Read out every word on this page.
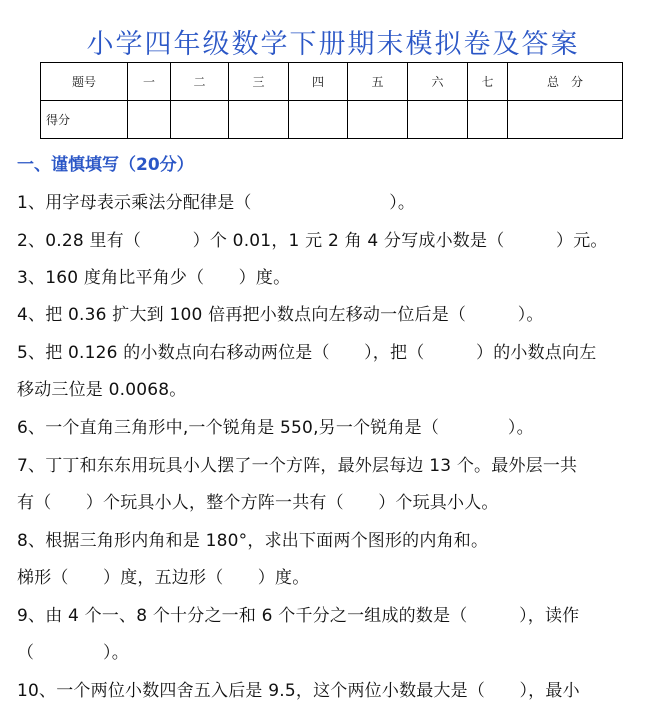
小学四年级数学下册期末模拟卷及答案
题号	一	二	三	四	五	六	七	总　分
得分								
一、谨慎填写（20分）
1、用字母表示乘法分配律是（　　　　　　　　）。
2、0.28 里有（　　　）个 0.01，1 元 2 角 4 分写成小数是（　　　）元。
3、160 度角比平角少（　　）度。
4、把 0.36 扩大到 100 倍再把小数点向左移动一位后是（　　　）。
5、把 0.126 的小数点向右移动两位是（　　），把（　　　）的小数点向左
移动三位是 0.0068。
6、一个直角三角形中,一个锐角是 550,另一个锐角是（　　　　）。
7、丁丁和东东用玩具小人摆了一个方阵，最外层每边 13 个。最外层一共
有（　　）个玩具小人，整个方阵一共有（　　）个玩具小人。
8、根据三角形内角和是 180°，求出下面两个图形的内角和。
梯形（　　）度，五边形（　　）度。
9、由 4 个一、8 个十分之一和 6 个千分之一组成的数是（　　　），读作
（　　　　）。
10、一个两位小数四舍五入后是 9.5，这个两位小数最大是（　　），最小
